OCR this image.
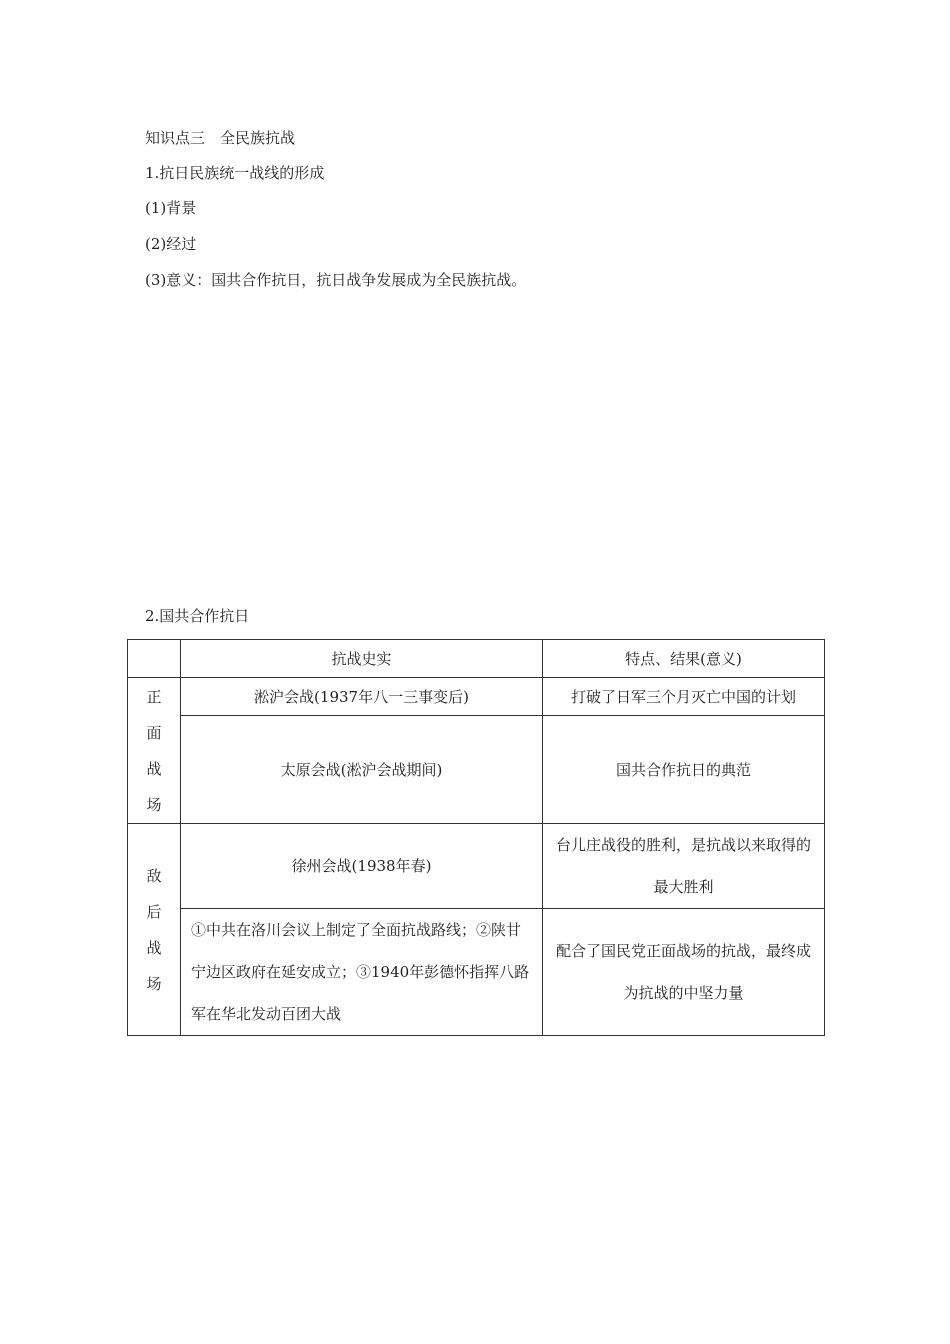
知识点三　全民族抗战
1.抗日民族统一战线的形成
(1)背景
(2)经过
(3)意义：国共合作抗日，抗日战争发展成为全民族抗战。
2.国共合作抗日
	抗战史实	特点、结果(意义)

正
面
战
场	淞沪会战(1937年八一三事变后)	打破了日军三个月灭亡中国的计划
	太原会战(淞沪会战期间)	国共合作抗日的典范

敌
后
战
场	徐州会战(1938年春)	台儿庄战役的胜利，是抗战以来取得的最大胜利
	①中共在洛川会议上制定了全面抗战路线；②陕甘宁边区政府在延安成立；③1940年彭德怀指挥八路军在华北发动百团大战	配合了国民党正面战场的抗战，最终成为抗战的中坚力量
